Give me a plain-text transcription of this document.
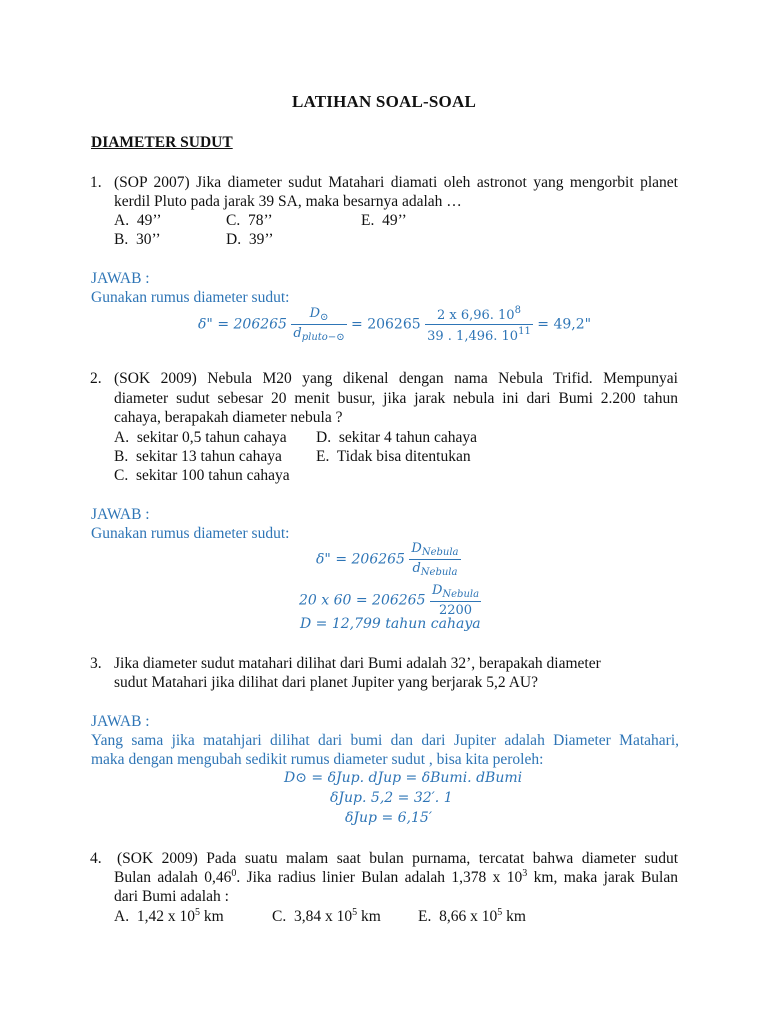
LATIHAN SOAL-SOAL
DIAMETER SUDUT
1. (SOP 2007) Jika diameter sudut Matahari diamati oleh astronot yang mengorbit planet
kerdil Pluto pada jarak 39 SA, maka besarnya adalah …
A. 49’’	C. 78’’	E. 49’’
B. 30’’	D. 39’’
JAWAB :
Gunakan rumus diameter sudut:
δ" = $206265 \frac{D_⊙}{d_{pluto-⊙}} = 206265 \frac{2 x 6,96. 10^8}{39 . 1,496. 10^{11}} = 49,2$"
2. (SOK 2009) Nebula M20 yang dikenal dengan nama Nebula Trifid. Mempunyai
diameter sudut sebesar 20 menit busur, jika jarak nebula ini dari Bumi 2.200 tahun
cahaya, berapakah diameter nebula ?
A. sekitar 0,5 tahun cahaya D. sekitar 4 tahun cahaya
B. sekitar 13 tahun cahaya E. Tidak bisa ditentukan
C. sekitar 100 tahun cahaya
JAWAB :
Gunakan rumus diameter sudut:
δ" = $206265 \frac{D_{Nebula}}{d_{Nebula}}$
20 x $60 = 206265 \frac{D_{Nebula}}{2200}$
D = 12,799 tahun cahaya
3. Jika diameter sudut matahari dilihat dari Bumi adalah 32’, berapakah diameter
sudut Matahari jika dilihat dari planet Jupiter yang berjarak 5,2 AU?
JAWAB :
Yang sama jika matahjari dilihat dari bumi dan dari Jupiter adalah Diameter Matahari,
maka dengan mengubah sedikit rumus diameter sudut , bisa kita peroleh:
D⊙ = δJup. dJup = δBumi. dBumi
δJup. 5,2 = 32′. 1
δJup = 6,15′
4. (SOK 2009) Pada suatu malam saat bulan purnama, tercatat bahwa diameter sudut
Bulan adalah 0,46$^0$. Jika radius linier Bulan adalah 1,378 x $10^3$ km, maka jarak Bulan
dari Bumi adalah :
A. 1,42 x $10^5$ km	C. 3,84 x $10^5$ km E. 8,66 x $10^5$ km
